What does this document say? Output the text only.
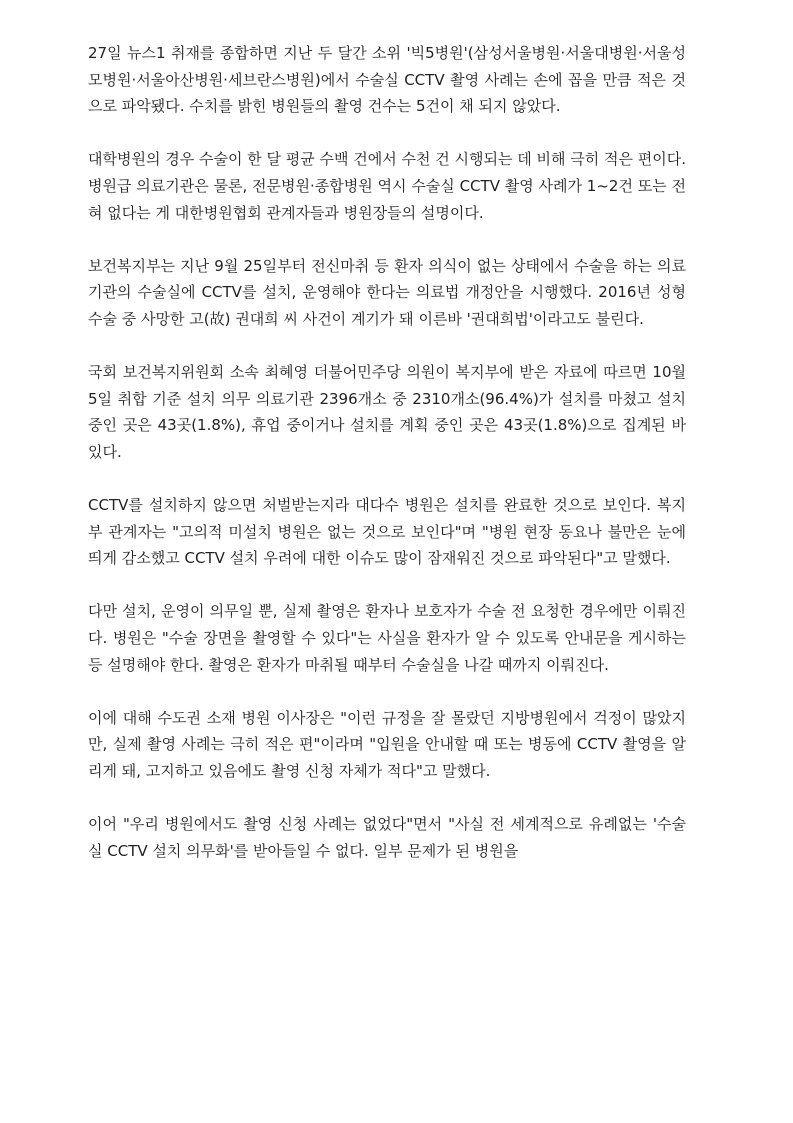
27일 뉴스1 취재를 종합하면 지난 두 달간 소위 '빅5병원'(삼성서울병원·서울대병원·서울성모병원·서울아산병원·세브란스병원)에서 수술실 CCTV 촬영 사례는 손에 꼽을 만큼 적은 것으로 파악됐다. 수치를 밝힌 병원들의 촬영 건수는 5건이 채 되지 않았다.

대학병원의 경우 수술이 한 달 평균 수백 건에서 수천 건 시행되는 데 비해 극히 적은 편이다. 병원급 의료기관은 물론, 전문병원·종합병원 역시 수술실 CCTV 촬영 사례가 1~2건 또는 전혀 없다는 게 대한병원협회 관계자들과 병원장들의 설명이다.

보건복지부는 지난 9월 25일부터 전신마취 등 환자 의식이 없는 상태에서 수술을 하는 의료기관의 수술실에 CCTV를 설치, 운영해야 한다는 의료법 개정안을 시행했다. 2016년 성형수술 중 사망한 고(故) 권대희 씨 사건이 계기가 돼 이른바 '권대희법'이라고도 불린다.

국회 보건복지위원회 소속 최혜영 더불어민주당 의원이 복지부에 받은 자료에 따르면 10월 5일 취합 기준 설치 의무 의료기관 2396개소 중 2310개소(96.4%)가 설치를 마쳤고 설치 중인 곳은 43곳(1.8%), 휴업 중이거나 설치를 계획 중인 곳은 43곳(1.8%)으로 집계된 바 있다.

CCTV를 설치하지 않으면 처벌받는지라 대다수 병원은 설치를 완료한 것으로 보인다. 복지부 관계자는 "고의적 미설치 병원은 없는 것으로 보인다"며 "병원 현장 동요나 불만은 눈에 띄게 감소했고 CCTV 설치 우려에 대한 이슈도 많이 잠재워진 것으로 파악된다"고 말했다.

다만 설치, 운영이 의무일 뿐, 실제 촬영은 환자나 보호자가 수술 전 요청한 경우에만 이뤄진다. 병원은 "수술 장면을 촬영할 수 있다"는 사실을 환자가 알 수 있도록 안내문을 게시하는 등 설명해야 한다. 촬영은 환자가 마취될 때부터 수술실을 나갈 때까지 이뤄진다.

이에 대해 수도권 소재 병원 이사장은 "이런 규정을 잘 몰랐던 지방병원에서 걱정이 많았지만, 실제 촬영 사례는 극히 적은 편"이라며 "입원을 안내할 때 또는 병동에 CCTV 촬영을 알리게 돼, 고지하고 있음에도 촬영 신청 자체가 적다"고 말했다.

이어 "우리 병원에서도 촬영 신청 사례는 없었다"면서 "사실 전 세계적으로 유례없는 '수술실 CCTV 설치 의무화'를 받아들일 수 없다. 일부 문제가 된 병원을
